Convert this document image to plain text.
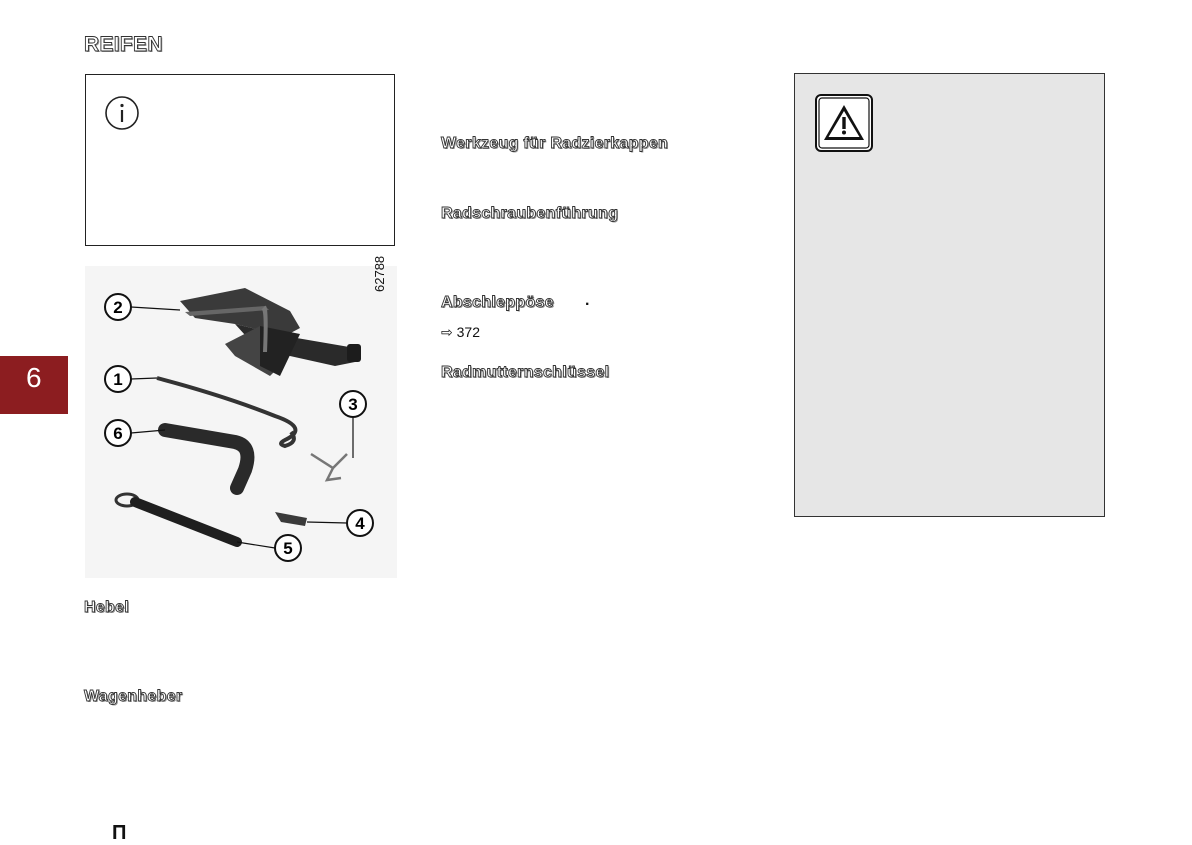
REIFEN
6
2
1
6
3
4
5
62788
Hebel
Wagenheber
Werkzeug für Radzierkappen
Radschraubenführung
Abschleppöse .
⇨ 372
Radmutternschlüssel
Π
